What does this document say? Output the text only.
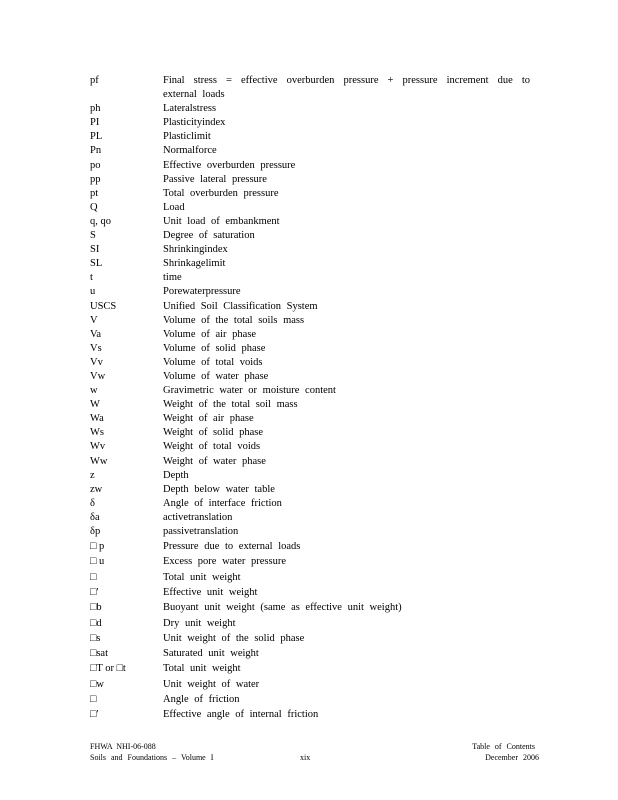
pf	Final stress = effective overburden pressure + pressure increment due to external loads
ph	Lateralstress
PI	Plasticityindex
PL	Plasticlimit
Pn	Normalforce
po	Effective overburden pressure
pp	Passive lateral pressure
pt	Total overburden pressure
Q	Load
q, qo	Unit load of embankment
S	Degree of saturation
SI	Shrinkingindex
SL	Shrinkagelimit
t	time
u	Porewaterpressure
USCS	Unified Soil Classification System
V	Volume of the total soils mass
Va	Volume of air phase
Vs	Volume of solid phase
Vv	Volume of total voids
Vw	Volume of water phase
w	Gravimetric water or moisture content
W	Weight of the total soil mass
Wa	Weight of air phase
Ws	Weight of solid phase
Wv	Weight of total voids
Ww	Weight of water phase
z	Depth
zw	Depth below water table
δ	Angle of interface friction
δa	activetranslation
δp	passivetranslation
□ p	Pressure due to external loads
□ u	Excess pore water pressure
□	Total unit weight
□′	Effective unit weight
□b	Buoyant unit weight (same as effective unit weight)
□d	Dry unit weight
□s	Unit weight of the solid phase
□sat	Saturated unit weight
□T or □t	Total unit weight
□w	Unit weight of water
□	Angle of friction
□′	Effective angle of internal friction
FHWA NHI-06-088
Soils and Foundations – Volume I	xix
Table of Contents
December 2006
